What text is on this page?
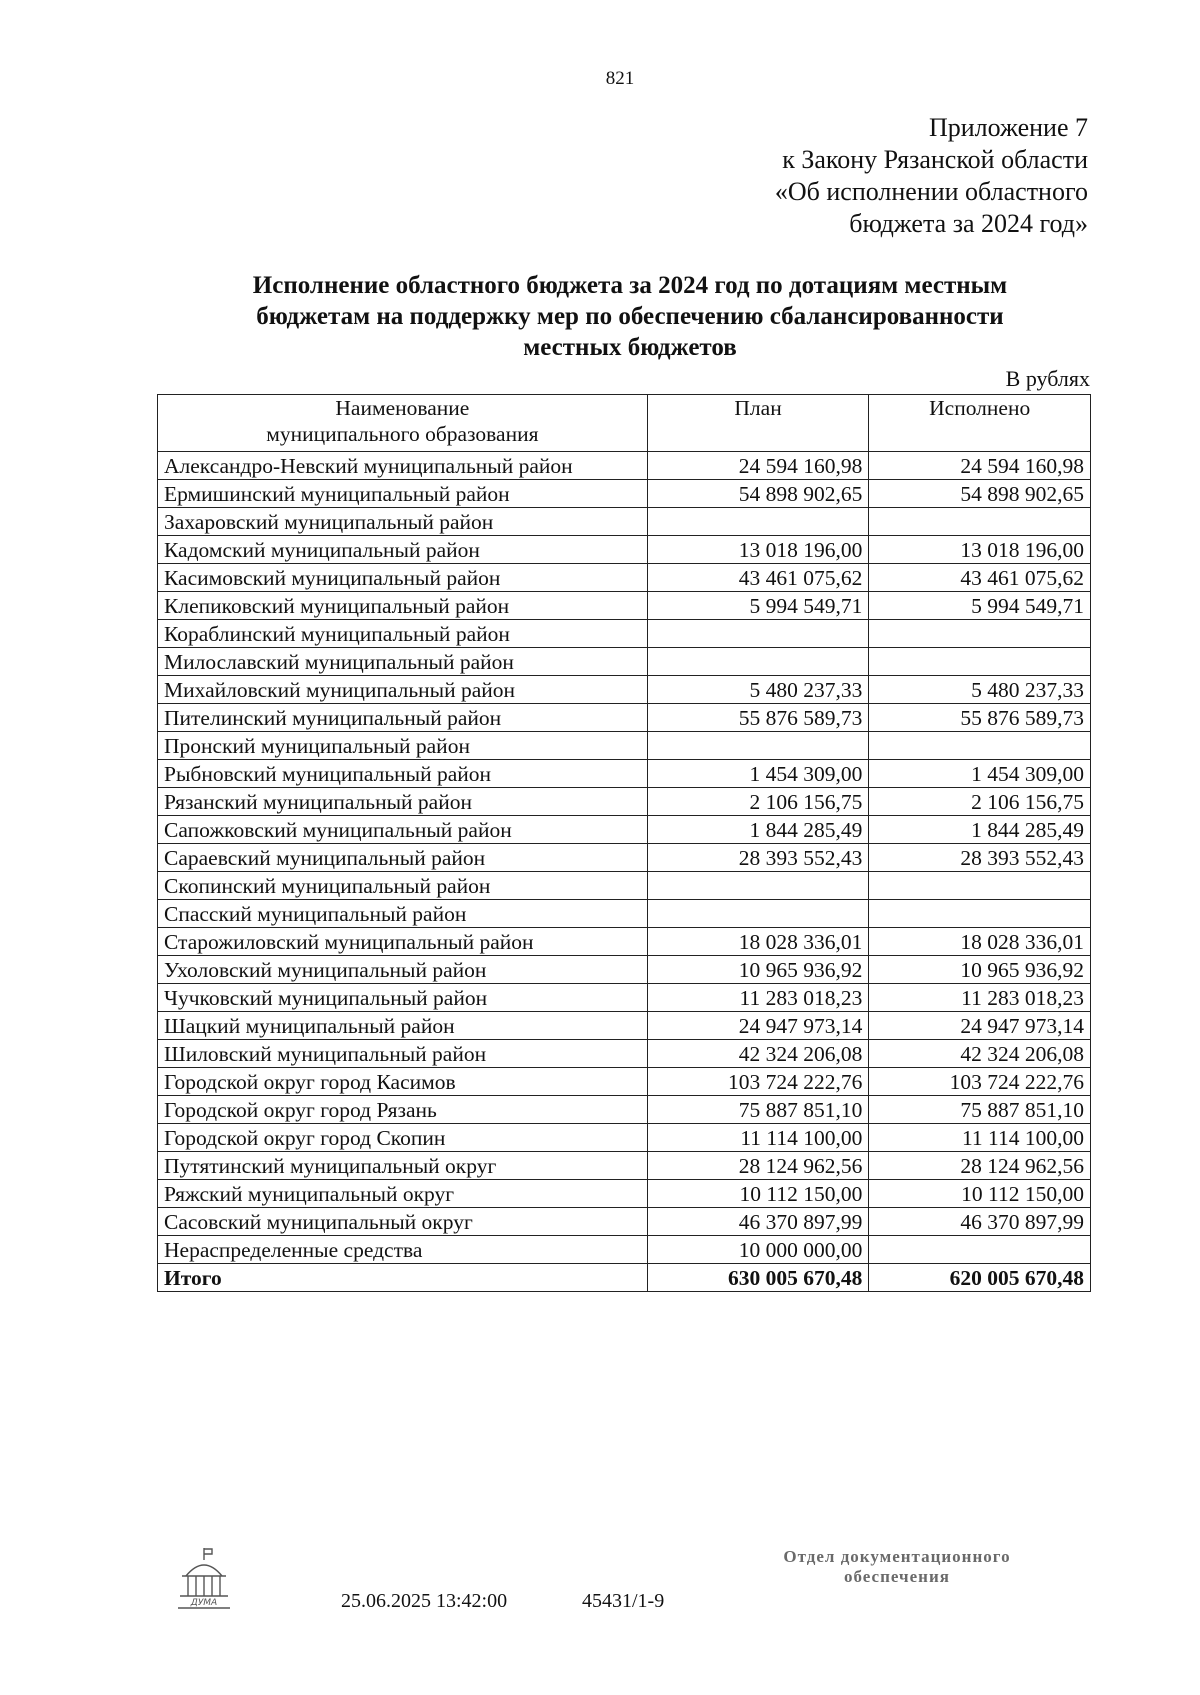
821
Приложение 7
к Закону Рязанской области
«Об исполнении областного
бюджета за 2024 год»
Исполнение областного бюджета за 2024 год по дотациям местным
бюджетам на поддержку мер по обеспечению сбалансированности
местных бюджетов
В рублях
Наименование
муниципального образования	План	Исполнено
Александро-Невский муниципальный район	24 594 160,98	24 594 160,98
Ермишинский муниципальный район	54 898 902,65	54 898 902,65
Захаровский муниципальный район		
Кадомский муниципальный район	13 018 196,00	13 018 196,00
Касимовский муниципальный район	43 461 075,62	43 461 075,62
Клепиковский муниципальный район	5 994 549,71	5 994 549,71
Кораблинский муниципальный район		
Милославский муниципальный район		
Михайловский муниципальный район	5 480 237,33	5 480 237,33
Пителинский муниципальный район	55 876 589,73	55 876 589,73
Пронский муниципальный район		
Рыбновский муниципальный район	1 454 309,00	1 454 309,00
Рязанский муниципальный район	2 106 156,75	2 106 156,75
Сапожковский муниципальный район	1 844 285,49	1 844 285,49
Сараевский муниципальный район	28 393 552,43	28 393 552,43
Скопинский муниципальный район		
Спасский муниципальный район		
Старожиловский муниципальный район	18 028 336,01	18 028 336,01
Ухоловский муниципальный район	10 965 936,92	10 965 936,92
Чучковский муниципальный район	11 283 018,23	11 283 018,23
Шацкий муниципальный район	24 947 973,14	24 947 973,14
Шиловский муниципальный район	42 324 206,08	42 324 206,08
Городской округ город Касимов	103 724 222,76	103 724 222,76
Городской округ город Рязань	75 887 851,10	75 887 851,10
Городской округ город Скопин	11 114 100,00	11 114 100,00
Путятинский муниципальный округ	28 124 962,56	28 124 962,56
Ряжский муниципальный округ	10 112 150,00	10 112 150,00
Сасовский муниципальный округ	46 370 897,99	46 370 897,99
Нераспределенные средства	10 000 000,00	
Итого	630 005 670,48	620 005 670,48
ДУМА	25.06.2025 13:42:00	45431/1-9
Отдел документационного
обеспечения
